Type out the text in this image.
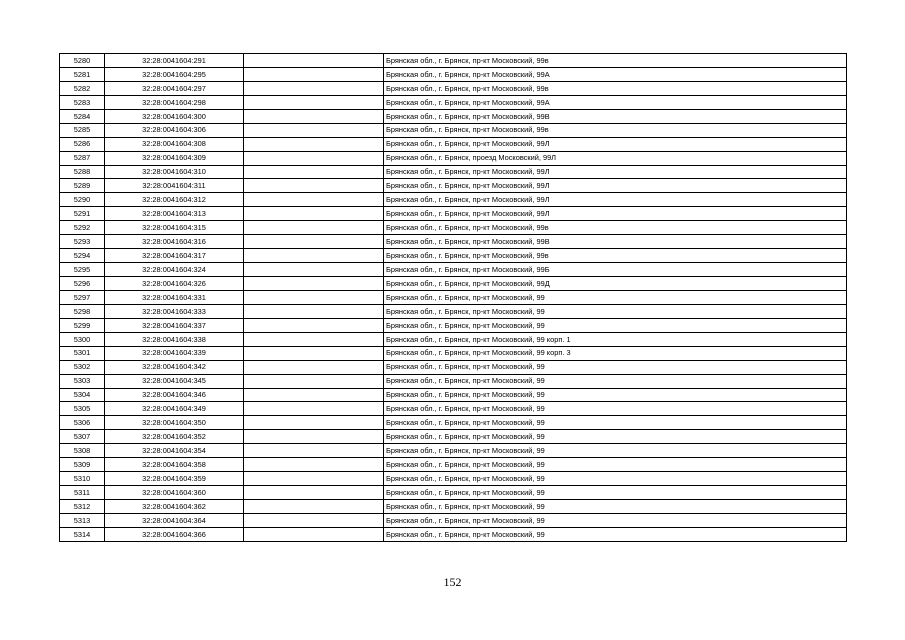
5280	32:28:0041604:291		Брянская обл., г. Брянск, пр-кт Московский, 99в
5281	32:28:0041604:295		Брянская обл., г. Брянск, пр-кт Московский, 99А
5282	32:28:0041604:297		Брянская обл., г. Брянск, пр-кт Московский, 99в
5283	32:28:0041604:298		Брянская обл., г. Брянск, пр-кт Московский, 99А
5284	32:28:0041604:300		Брянская обл., г. Брянск, пр-кт Московский, 99В
5285	32:28:0041604:306		Брянская обл., г. Брянск, пр-кт Московский, 99в
5286	32:28:0041604:308		Брянская обл., г. Брянск, пр-кт Московский, 99Л
5287	32:28:0041604:309		Брянская обл., г. Брянск, проезд Московский, 99Л
5288	32:28:0041604:310		Брянская обл., г. Брянск, пр-кт Московский, 99Л
5289	32:28:0041604:311		Брянская обл., г. Брянск, пр-кт Московский, 99Л
5290	32:28:0041604:312		Брянская обл., г. Брянск, пр-кт Московский, 99Л
5291	32:28:0041604:313		Брянская обл., г. Брянск, пр-кт Московский, 99Л
5292	32:28:0041604:315		Брянская обл., г. Брянск, пр-кт Московский, 99в
5293	32:28:0041604:316		Брянская обл., г. Брянск, пр-кт Московский, 99В
5294	32:28:0041604:317		Брянская обл., г. Брянск, пр-кт Московский, 99в
5295	32:28:0041604:324		Брянская обл., г. Брянск, пр-кт Московский, 99Б
5296	32:28:0041604:326		Брянская обл., г. Брянск, пр-кт Московский, 99Д
5297	32:28:0041604:331		Брянская обл., г. Брянск, пр-кт Московский, 99
5298	32:28:0041604:333		Брянская обл., г. Брянск, пр-кт Московский, 99
5299	32:28:0041604:337		Брянская обл., г. Брянск, пр-кт Московский, 99
5300	32:28:0041604:338		Брянская обл., г. Брянск, пр-кт Московский, 99 корп. 1
5301	32:28:0041604:339		Брянская обл., г. Брянск, пр-кт Московский, 99 корп. 3
5302	32:28:0041604:342		Брянская обл., г. Брянск, пр-кт Московский, 99
5303	32:28:0041604:345		Брянская обл., г. Брянск, пр-кт Московский, 99
5304	32:28:0041604:346		Брянская обл., г. Брянск, пр-кт Московский, 99
5305	32:28:0041604:349		Брянская обл., г. Брянск, пр-кт Московский, 99
5306	32:28:0041604:350		Брянская обл., г. Брянск, пр-кт Московский, 99
5307	32:28:0041604:352		Брянская обл., г. Брянск, пр-кт Московский, 99
5308	32:28:0041604:354		Брянская обл., г. Брянск, пр-кт Московский, 99
5309	32:28:0041604:358		Брянская обл., г. Брянск, пр-кт Московский, 99
5310	32:28:0041604:359		Брянская обл., г. Брянск, пр-кт Московский, 99
5311	32:28:0041604:360		Брянская обл., г. Брянск, пр-кт Московский, 99
5312	32:28:0041604:362		Брянская обл., г. Брянск, пр-кт Московский, 99
5313	32:28:0041604:364		Брянская обл., г. Брянск, пр-кт Московский, 99
5314	32:28:0041604:366		Брянская обл., г. Брянск, пр-кт Московский, 99
152
